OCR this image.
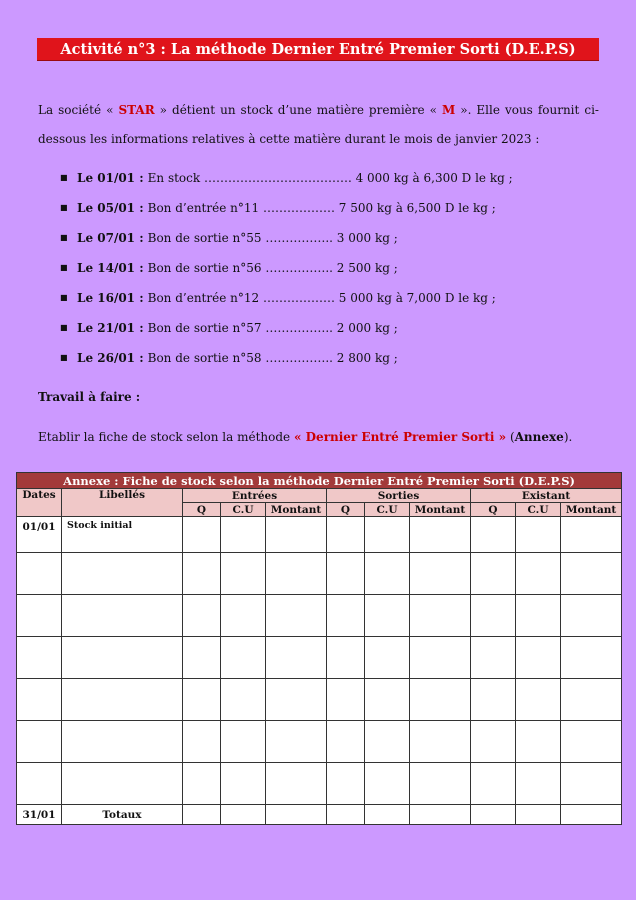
Activité n°3 : La méthode Dernier Entré Premier Sorti (D.E.P.S)
La société « STAR » détient un stock d’une matière première « M ». Elle vous fournit ci-dessous les informations relatives à cette matière durant le mois de janvier 2023 :
■ Le 01/01 : En stock ………………………………. 4 000 kg à 6,300 D le kg ;
■ Le 05/01 : Bon d’entrée n°11 ……………… 7 500 kg à 6,500 D le kg ;
■ Le 07/01 : Bon de sortie n°55 …………….. 3 000 kg ;
■ Le 14/01 : Bon de sortie n°56 …………….. 2 500 kg ;
■ Le 16/01 : Bon d’entrée n°12 ……………… 5 000 kg à 7,000 D le kg ;
■ Le 21/01 : Bon de sortie n°57 …………….. 2 000 kg ;
■ Le 26/01 : Bon de sortie n°58 …………….. 2 800 kg ;
Travail à faire :
Etablir la fiche de stock selon la méthode « Dernier Entré Premier Sorti » (Annexe).
Annexe : Fiche de stock selon la méthode Dernier Entré Premier Sorti (D.E.P.S)										
Dates	Libellés	Entrées			Sorties			Existant		
		Q	C.U	Montant	Q	C.U	Montant	Q	C.U	Montant
01/01	Stock initial									

31/01	Totaux									
